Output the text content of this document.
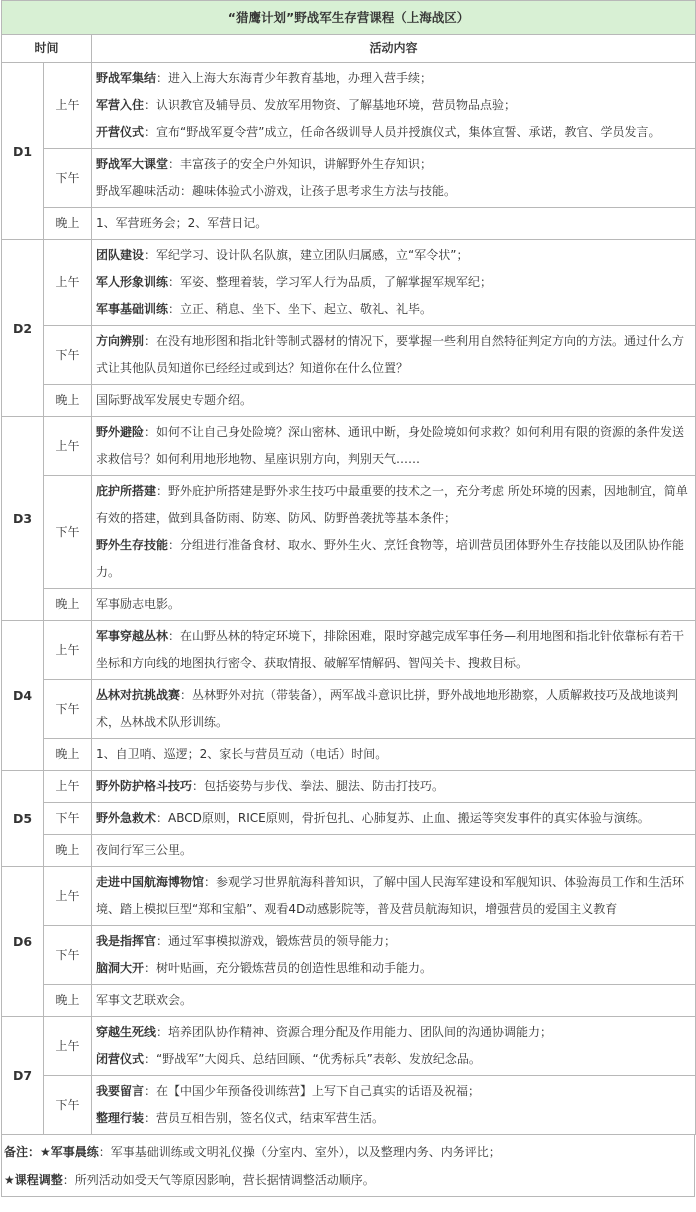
“猎鹰计划”野战军生存营课程（上海战区）		
时间		活动内容
D1	上午	野战军集结：进入上海大东海青少年教育基地，办理入营手续；
军营入住：认识教官及辅导员、发放军用物资、了解基地环境，营员物品点验；
开营仪式：宣布“野战军夏令营”成立，任命各级训导人员并授旗仪式，集体宣誓、承诺，教官、学员发言。

	下午	野战军大课堂：丰富孩子的安全户外知识，讲解野外生存知识；
野战军趣味活动：趣味体验式小游戏，让孩子思考求生方法与技能。

	晚上	1、军营班务会；2、军营日记。

D2	上午	团队建设：军纪学习、设计队名队旗，建立团队归属感，立“军令状”；
军人形象训练：军姿、整理着装，学习军人行为品质，了解掌握军规军纪；
军事基础训练：立正、稍息、坐下、坐下、起立、敬礼、礼毕。

	下午	方向辨别：在没有地形图和指北针等制式器材的情况下，要掌握一些利用自然特征判定方向的方法。通过什么方式让其他队员知道你已经经过或到达？知道你在什么位置？

	晚上	国际野战军发展史专题介绍。

D3	上午	野外避险：如何不让自己身处险境？深山密林、通讯中断，身处险境如何求救？如何利用有限的资源的条件发送求救信号？如何利用地形地物、星座识别方向，判别天气……

	下午	庇护所搭建：野外庇护所搭建是野外求生技巧中最重要的技术之一，充分考虑 所处环境的因素，因地制宜，简单有效的搭建，做到具备防雨、防寒、防风、防野兽袭扰等基本条件；
野外生存技能：分组进行准备食材、取水、野外生火、烹饪食物等，培训营员团体野外生存技能以及团队协作能力。

	晚上	军事励志电影。

D4	上午	军事穿越丛林：在山野丛林的特定环境下，排除困难，限时穿越完成军事任务—利用地图和指北针依靠标有若干坐标和方向线的地图执行密令、获取情报、破解军情解码、智闯关卡、搜救目标。

	下午	丛林对抗挑战赛：丛林野外对抗（带装备），两军战斗意识比拼，野外战地地形勘察，人质解救技巧及战地谈判术，丛林战术队形训练。

	晚上	1、自卫哨、巡逻；2、家长与营员互动（电话）时间。

D5	上午	野外防护格斗技巧：包括姿势与步伐、拳法、腿法、防击打技巧。

	下午	野外急救术：ABCD原则，RICE原则，骨折包扎、心肺复苏、止血、搬运等突发事件的真实体验与演练。

	晚上	夜间行军三公里。

D6	上午	走进中国航海博物馆：参观学习世界航海科普知识，了解中国人民海军建设和军舰知识、体验海员工作和生活环境、踏上模拟巨型“郑和宝船”、观看4D动感影院等，普及营员航海知识，增强营员的爱国主义教育

	下午	我是指挥官：通过军事模拟游戏，锻炼营员的领导能力；
脑洞大开：树叶贴画，充分锻炼营员的创造性思维和动手能力。

	晚上	军事文艺联欢会。

D7	上午	穿越生死线：培养团队协作精神、资源合理分配及作用能力、团队间的沟通协调能力；
闭营仪式：“野战军”大阅兵、总结回顾、“优秀标兵”表彰、发放纪念品。

	下午	我要留言：在【中国少年预备役训练营】上写下自己真实的话语及祝福；
整理行装：营员互相告别，签名仪式，结束军营生活。
备注：★军事晨练：军事基础训练或文明礼仪操（分室内、室外），以及整理内务、内务评比；
★课程调整：所列活动如受天气等原因影响，营长据情调整活动顺序。
